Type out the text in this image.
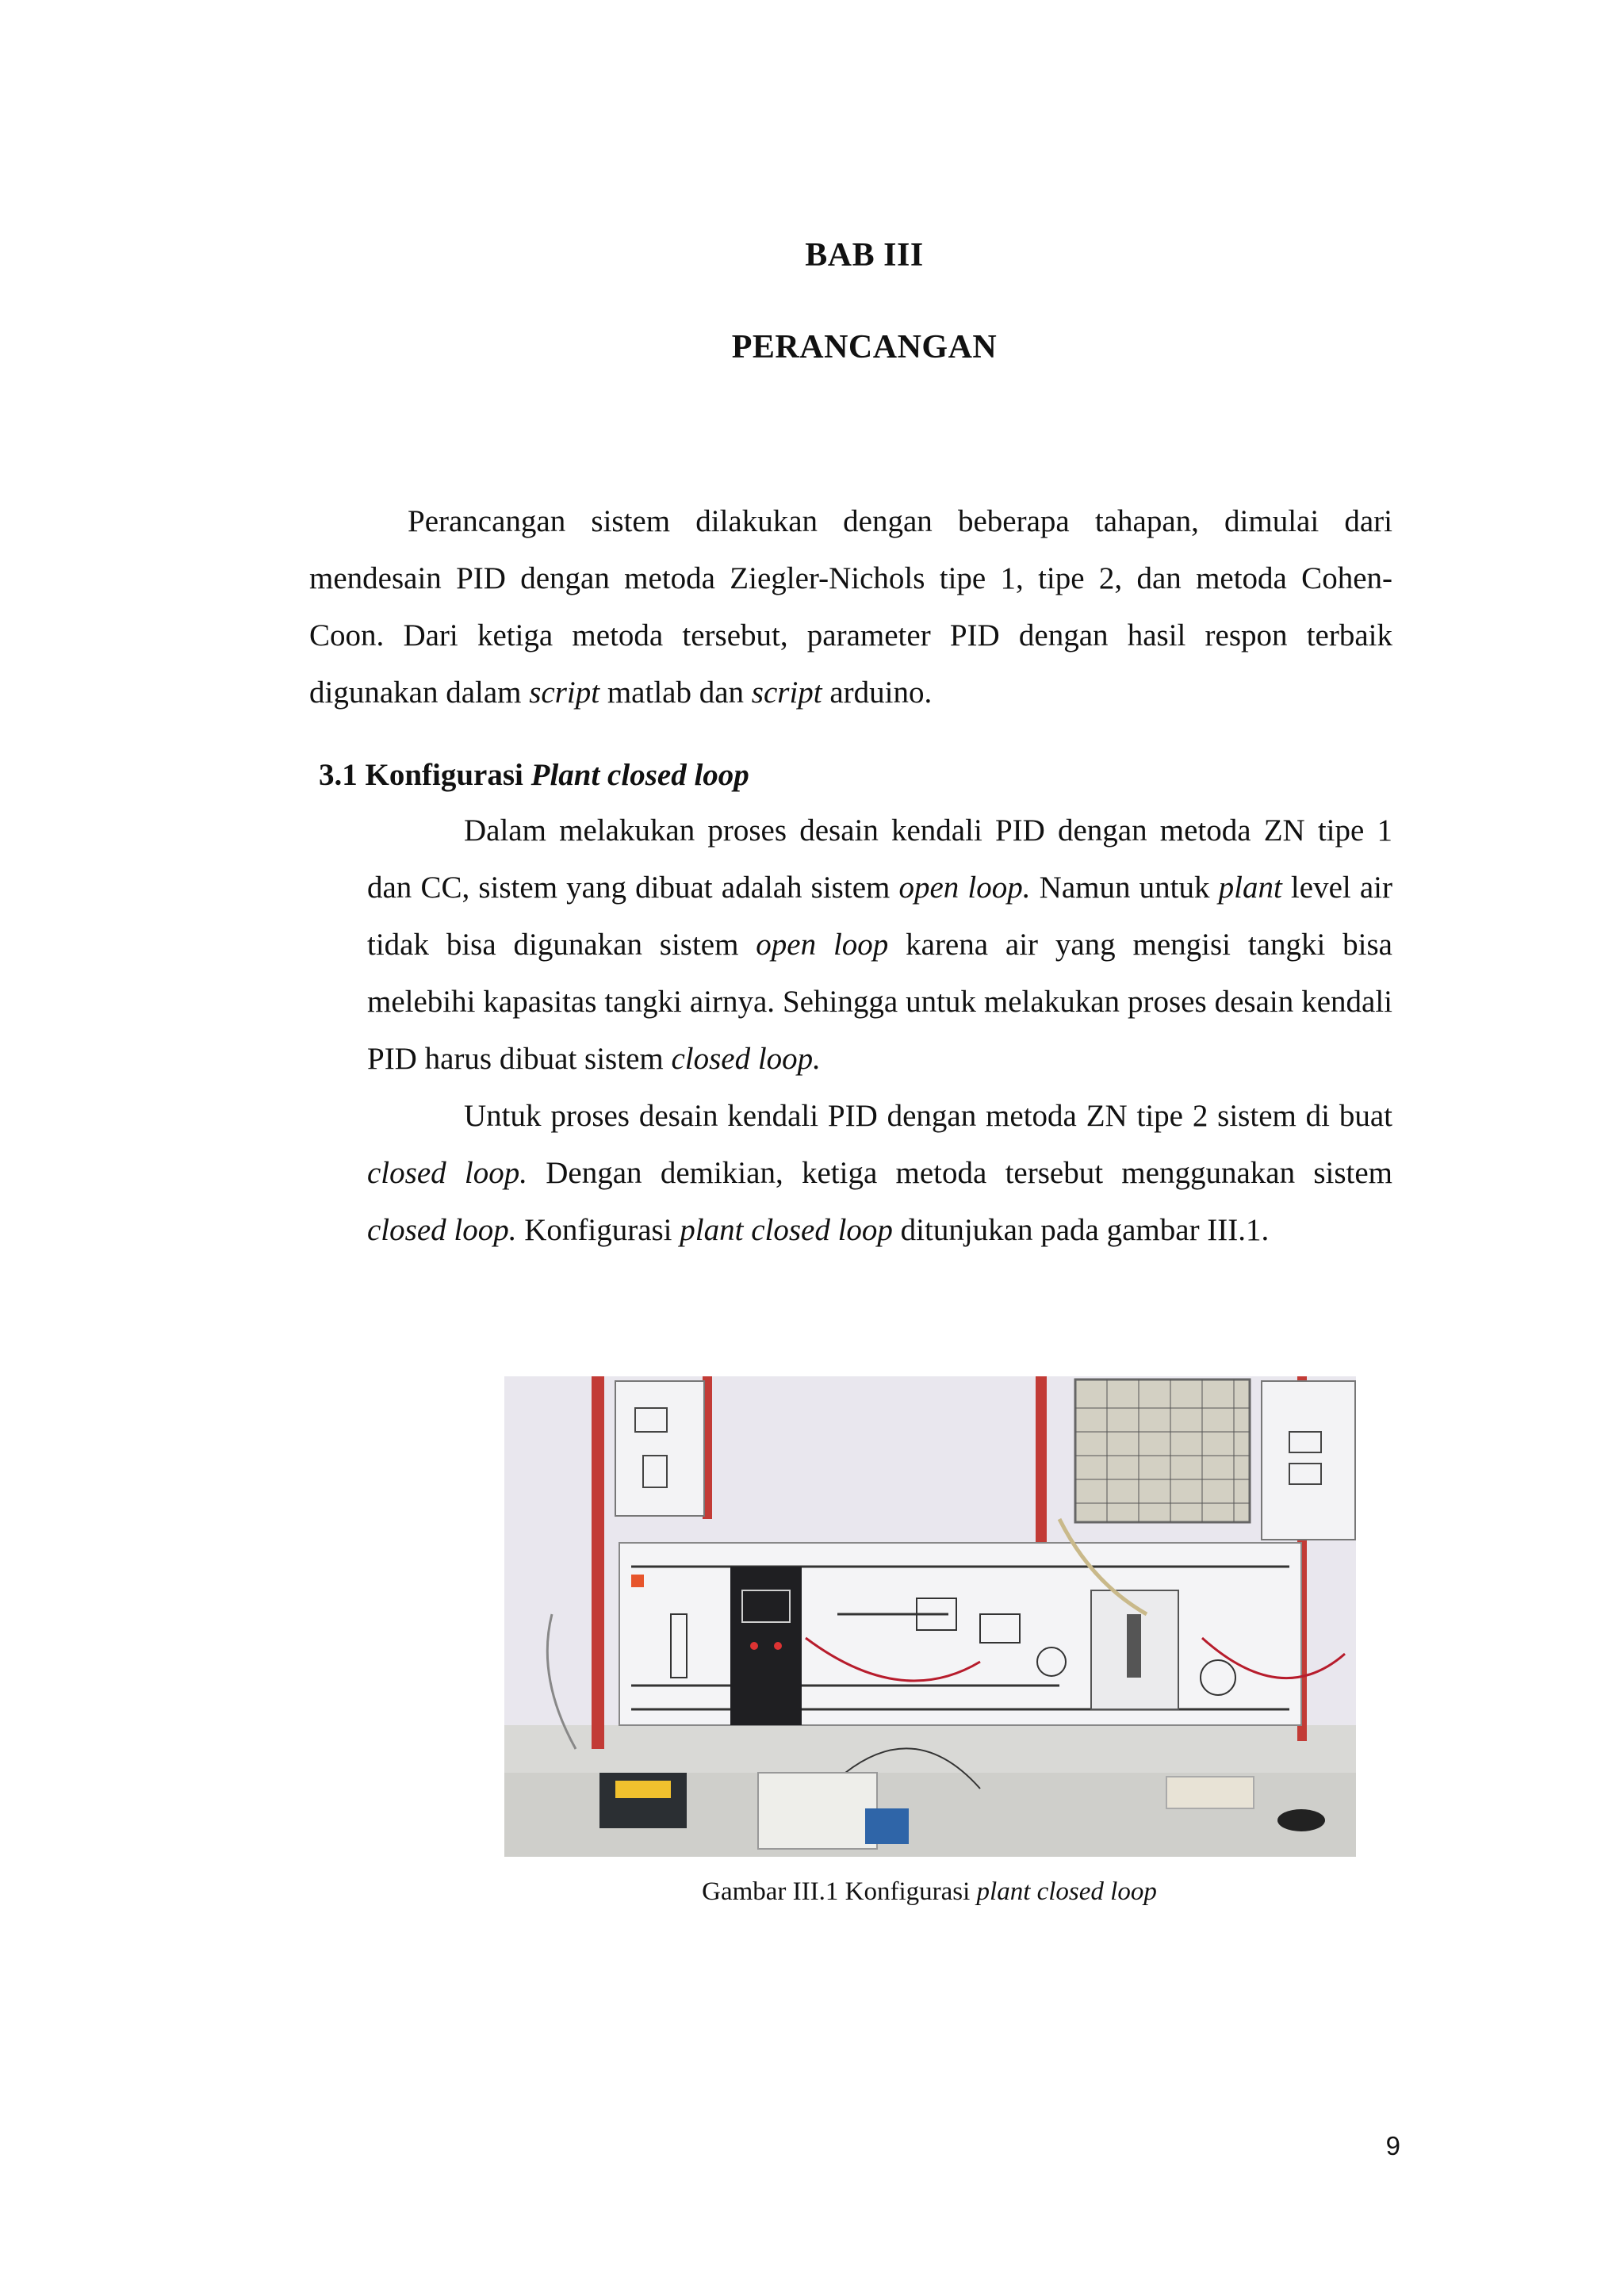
BAB III
PERANCANGAN

Perancangan sistem dilakukan dengan beberapa tahapan, dimulai dari mendesain PID dengan metoda Ziegler-Nichols tipe 1, tipe 2, dan metoda Cohen-Coon. Dari ketiga metoda tersebut, parameter PID dengan hasil respon terbaik digunakan dalam script matlab dan script arduino.

3.1 Konfigurasi Plant closed loop

Dalam melakukan proses desain kendali PID dengan metoda ZN tipe 1 dan CC, sistem yang dibuat adalah sistem open loop. Namun untuk plant level air tidak bisa digunakan sistem open loop karena air yang mengisi tangki bisa melebihi kapasitas tangki airnya. Sehingga untuk melakukan proses desain kendali PID harus dibuat sistem closed loop.

Untuk proses desain kendali PID dengan metoda ZN tipe 2 sistem di buat closed loop. Dengan demikian, ketiga metoda tersebut menggunakan sistem closed loop. Konfigurasi plant closed loop ditunjukan pada gambar III.1.

Gambar III.1 Konfigurasi plant closed loop
9
